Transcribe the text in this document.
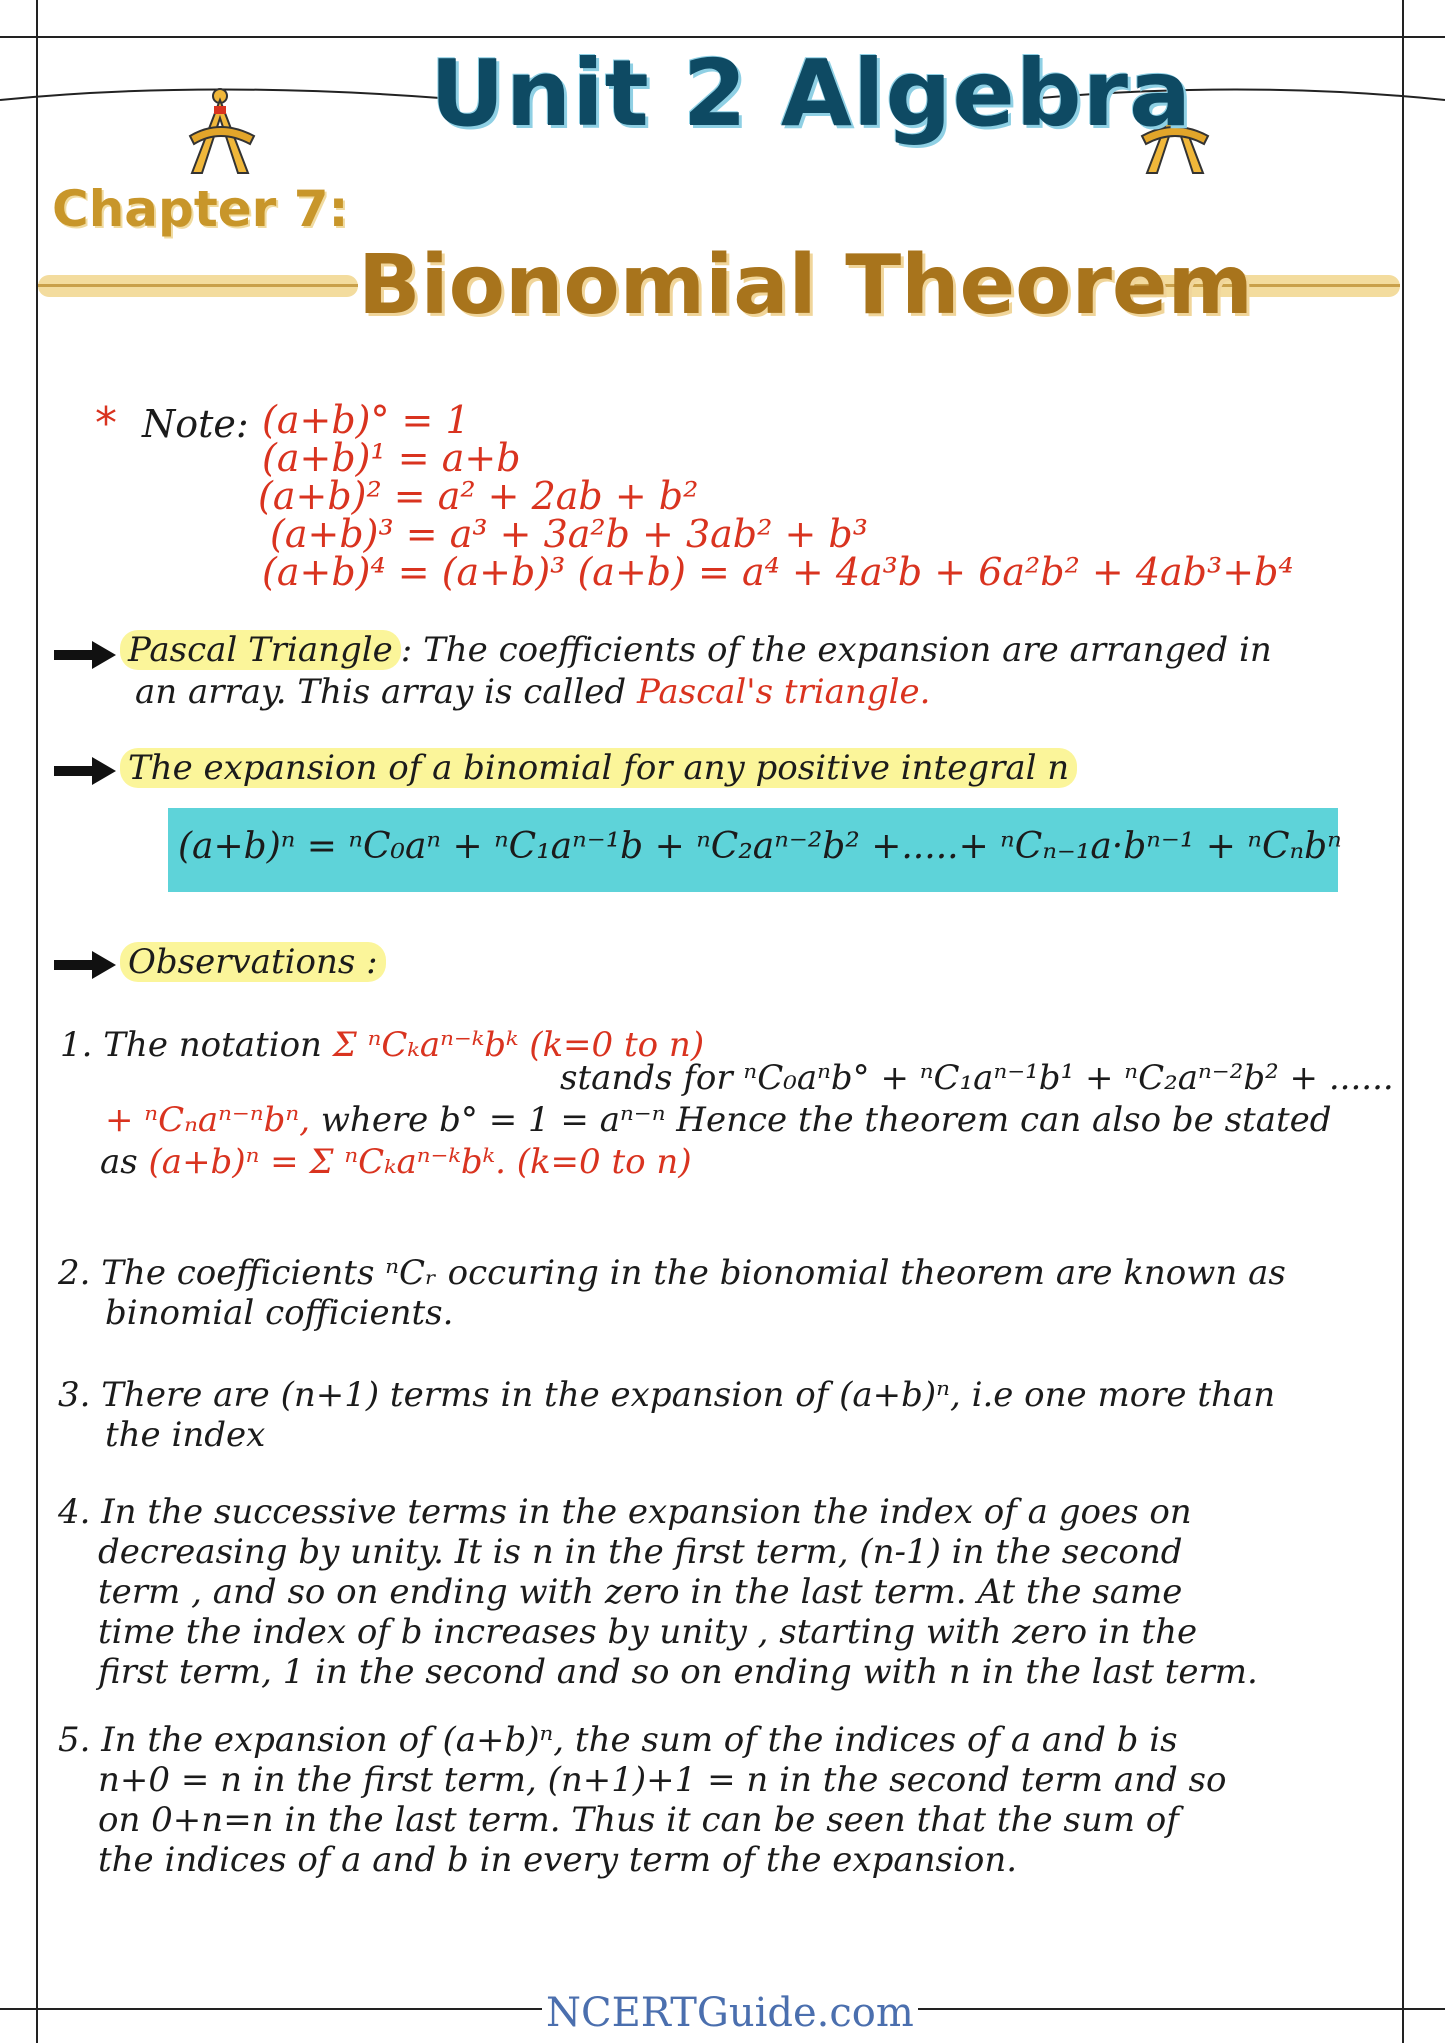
Unit 2 Algebra
Chapter 7:
Bionomial Theorem
* Note: (a+b)° = 1
(a+b)¹ = a+b
(a+b)² = a² + 2ab + b²
(a+b)³ = a³ + 3a²b + 3ab² + b³
(a+b)⁴ = (a+b)³ (a+b) = a⁴ + 4a³b + 6a²b² + 4ab³+b⁴
Pascal Triangle : The coefficients of the expansion are arranged in
an array. This array is called Pascal's triangle.
The expansion of a binomial for any positive integral n
(a+b)ⁿ = ⁿC₀aⁿ + ⁿC₁aⁿ⁻¹b + ⁿC₂aⁿ⁻²b² +.....+ ⁿCₙ₋₁a·bⁿ⁻¹ + ⁿCₙbⁿ
Observations :
1. The notation Σ ⁿCₖaⁿ⁻ᵏbᵏ (k=0 to n)
stands for ⁿC₀aⁿb° + ⁿC₁aⁿ⁻¹b¹ + ⁿC₂aⁿ⁻²b² + ......
+ ⁿCₙaⁿ⁻ⁿbⁿ, where b° = 1 = aⁿ⁻ⁿ Hence the theorem can also be stated
as (a+b)ⁿ = Σ ⁿCₖaⁿ⁻ᵏbᵏ. (k=0 to n)
2. The coefficients ⁿCᵣ occuring in the bionomial theorem are known as
binomial cofficients.
3. There are (n+1) terms in the expansion of (a+b)ⁿ, i.e one more than
the index
4. In the successive terms in the expansion the index of a goes on
decreasing by unity. It is n in the first term, (n-1) in the second
term , and so on ending with zero in the last term. At the same
time the index of b increases by unity , starting with zero in the
first term, 1 in the second and so on ending with n in the last term.
5. In the expansion of (a+b)ⁿ, the sum of the indices of a and b is
n+0 = n in the first term, (n+1)+1 = n in the second term and so
on 0+n=n in the last term. Thus it can be seen that the sum of
the indices of a and b in every term of the expansion.
NCERTGuide.com
